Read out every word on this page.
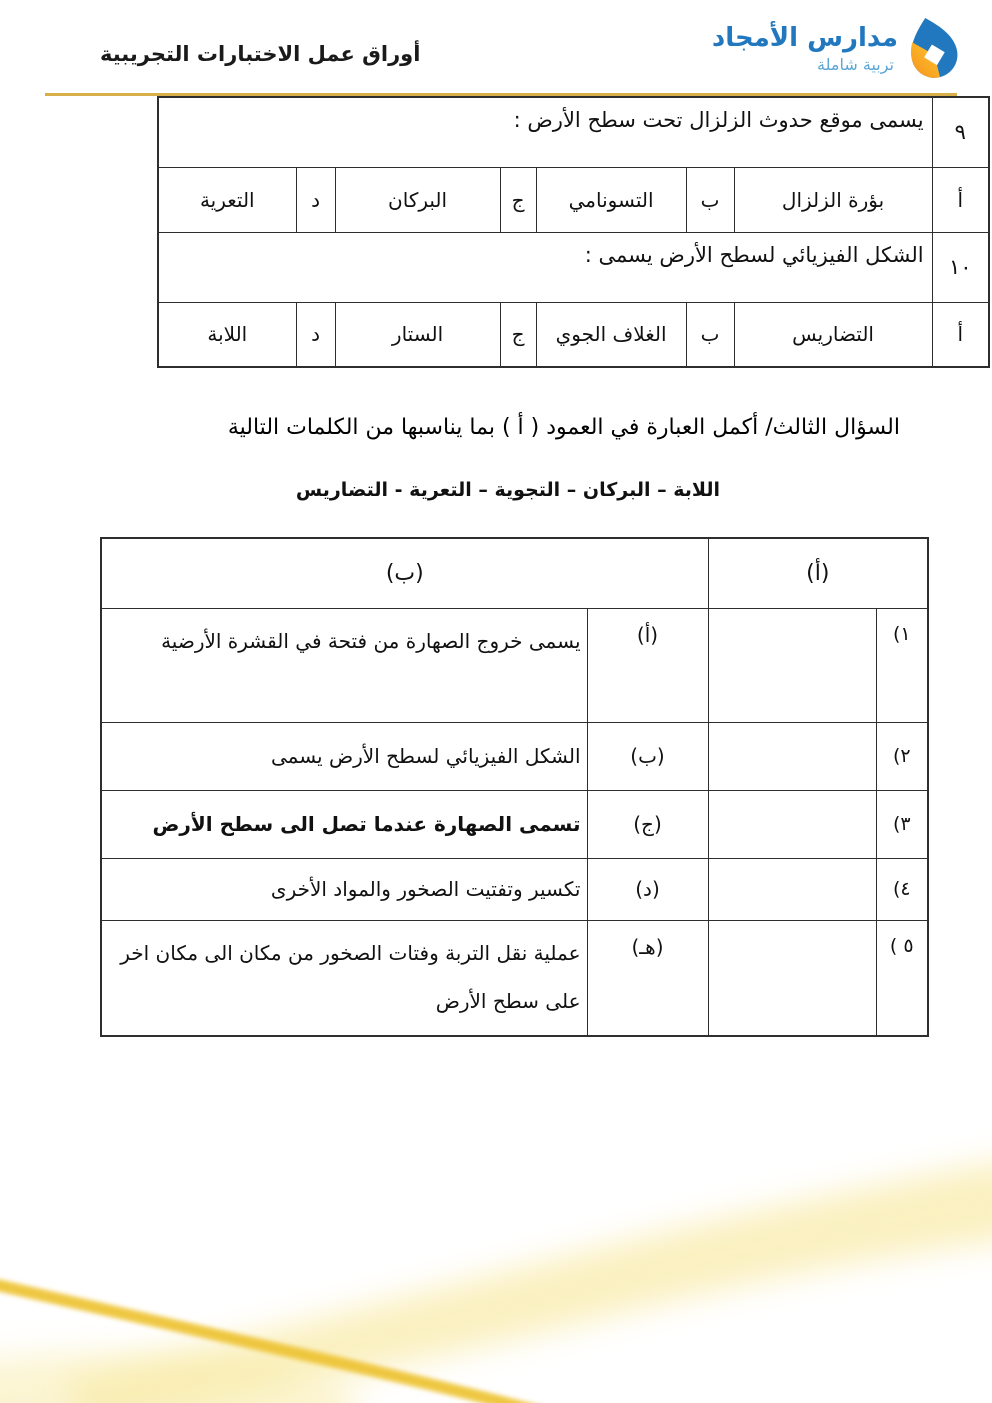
أوراق عمل الاختبارات التجريبية
مدارس الأمجاد
تربية شاملة
٩	يسمى موقع حدوث الزلزال تحت سطح الأرض :						
أ	بؤرة الزلزال	ب	التسونامي	ج	البركان	د	التعرية
١٠	الشكل الفيزيائي لسطح الأرض يسمى :						
أ	التضاريس	ب	الغلاف الجوي	ج	الستار	د	اللابة
السؤال الثالث/ أكمل العبارة في العمود ( أ ) بما يناسبها من الكلمات التالية
اللابة – البركان – التجوية – التعرية - التضاريس
(أ)		(ب)	
١)		(أ)	يسمى خروج الصهارة من فتحة في القشرة الأرضية
٢)		(ب)	الشكل الفيزيائي لسطح الأرض يسمى
٣)		(ج)	تسمى الصهارة عندما تصل الى سطح الأرض
٤)		(د)	تكسير وتفتيت الصخور والمواد الأخرى
٥ )		(هـ)	عملية نقل التربة وفتات الصخور من مكان الى مكان اخر على سطح الأرض
